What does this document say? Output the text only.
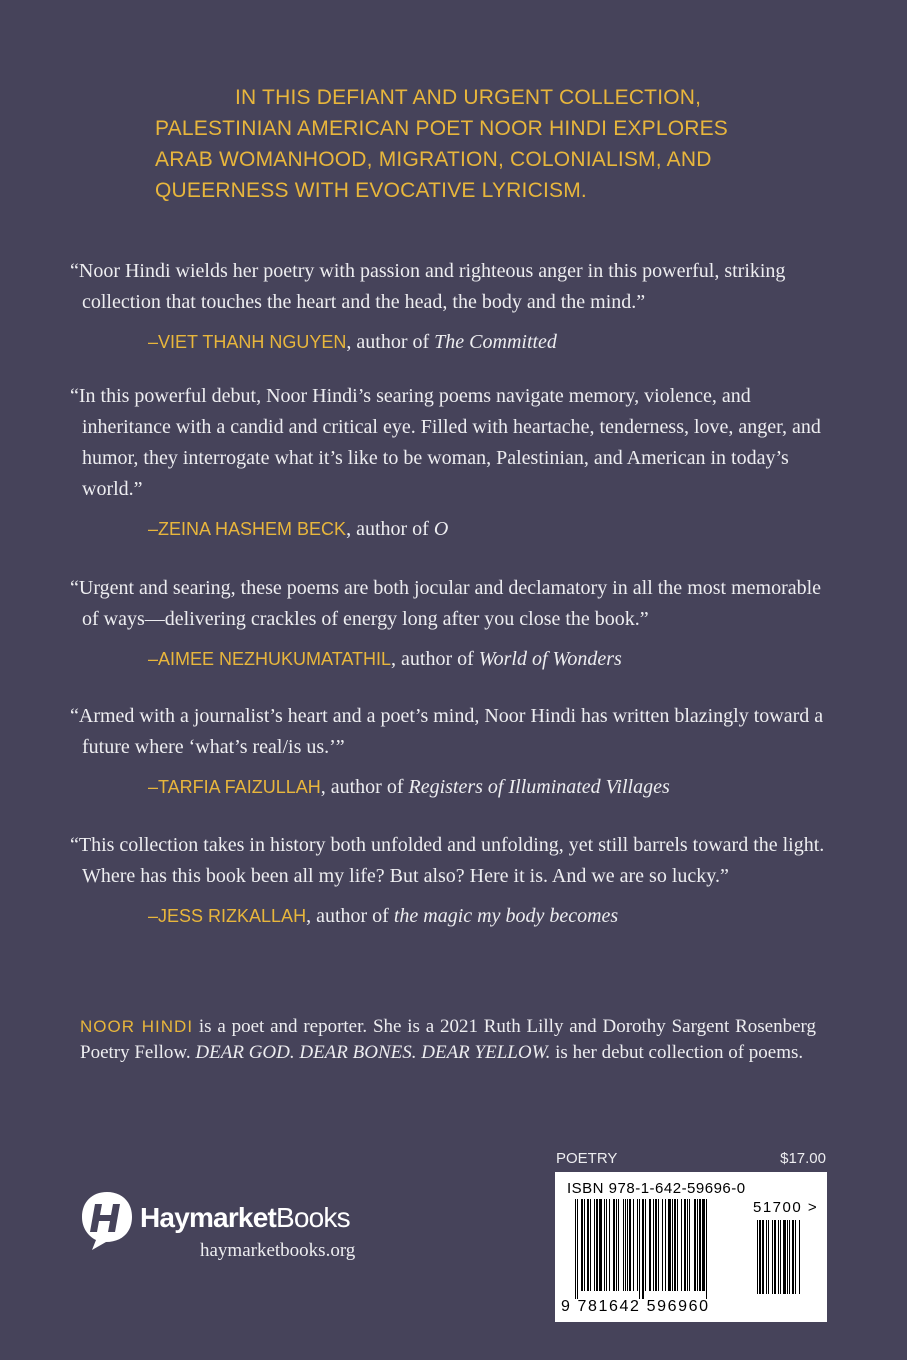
IN THIS DEFIANT AND URGENT COLLECTION,
PALESTINIAN AMERICAN POET NOOR HINDI EXPLORES
ARAB WOMANHOOD, MIGRATION, COLONIALISM, AND
QUEERNESS WITH EVOCATIVE LYRICISM.

“Noor Hindi wields her poetry with passion and righteous anger in this powerful, striking collection that touches the heart and the head, the body and the mind.”

–VIET THANH NGUYEN, author of The Committed

“In this powerful debut, Noor Hindi’s searing poems navigate memory, violence, and inheritance with a candid and critical eye. Filled with heartache, tenderness, love, anger, and humor, they interrogate what it’s like to be woman, Palestinian, and American in today’s world.”

–ZEINA HASHEM BECK, author of O

“Urgent and searing, these poems are both jocular and declamatory in all the most memorable of ways—delivering crackles of energy long after you close the book.”

–AIMEE NEZHUKUMATATHIL, author of World of Wonders

“Armed with a journalist’s heart and a poet’s mind, Noor Hindi has written blazingly toward a future where ‘what’s real/is us.’”

–TARFIA FAIZULLAH, author of Registers of Illuminated Villages

“This collection takes in history both unfolded and unfolding, yet still barrels toward the light. Where has this book been all my life? But also? Here it is. And we are so lucky.”

–JESS RIZKALLAH, author of the magic my body becomes
NOOR HINDI is a poet and reporter. She is a 2021 Ruth Lilly and Dorothy Sargent Rosenberg Poetry Fellow. DEAR GOD. DEAR BONES. DEAR YELLOW. is her debut collection of poems.
HaymarketBooks
haymarketbooks.org
POETRY	$17.00
ISBN 978-1-642-59696-0
51700 >
9 781642 596960
